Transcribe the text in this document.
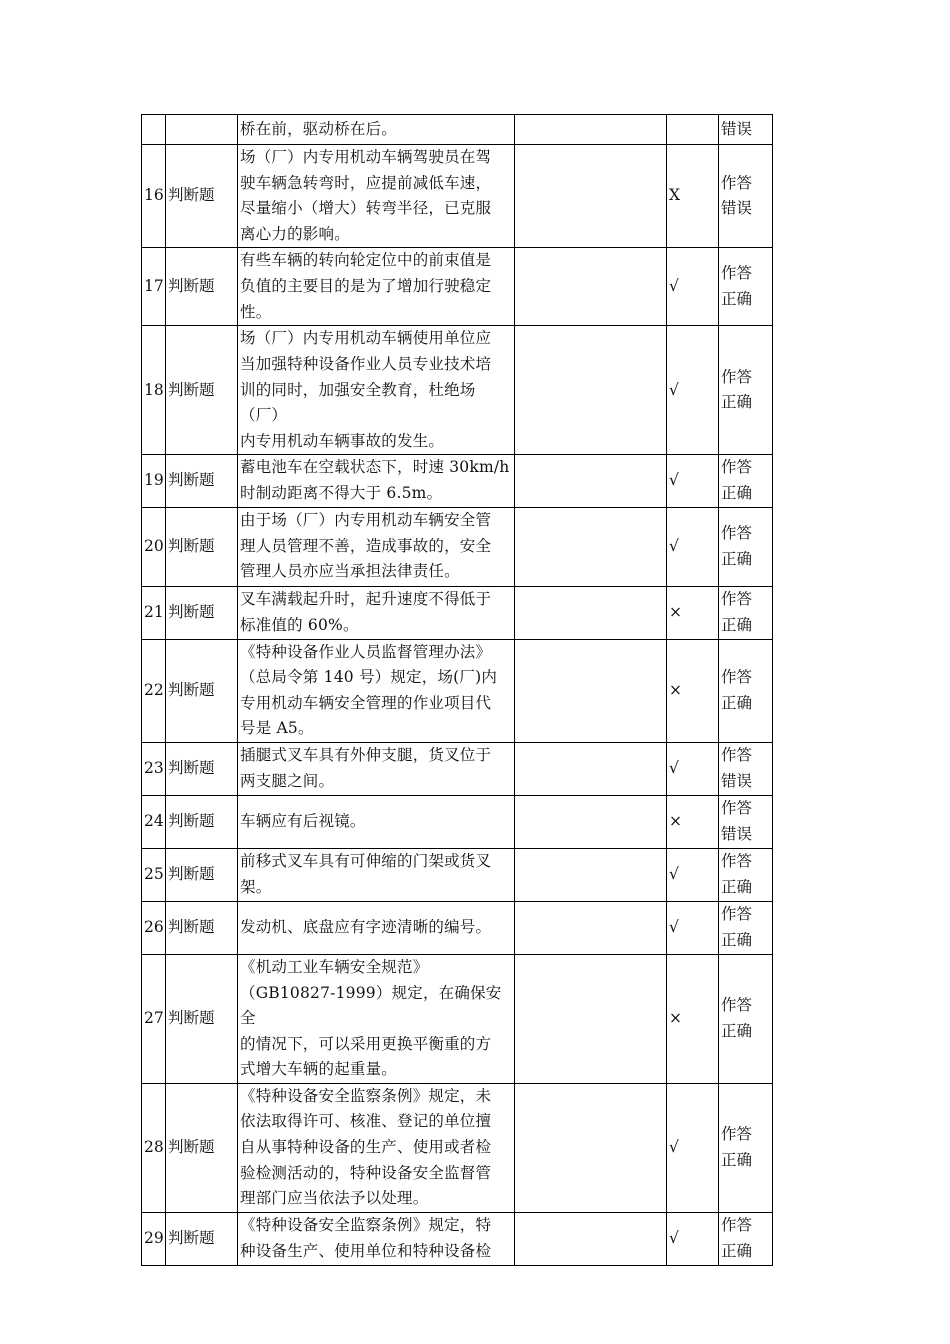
		桥在前，驱动桥在后。			错误
16	判断题	场（厂）内专用机动车辆驾驶员在驾
驶车辆急转弯时，应提前减低车速，
尽量缩小（增大）转弯半径，已克服
离心力的影响。		X	作答
错误
17	判断题	有些车辆的转向轮定位中的前束值是
负值的主要目的是为了增加行驶稳定
性。		√	作答
正确
18	判断题	场（厂）内专用机动车辆使用单位应
当加强特种设备作业人员专业技术培
训的同时，加强安全教育，杜绝场（厂）
内专用机动车辆事故的发生。		√	作答
正确
19	判断题	蓄电池车在空载状态下，时速 30km/h
时制动距离不得大于 6.5m。		√	作答
正确
20	判断题	由于场（厂）内专用机动车辆安全管
理人员管理不善，造成事故的，安全
管理人员亦应当承担法律责任。		√	作答
正确
21	判断题	叉车满载起升时，起升速度不得低于
标准值的 60%。		×	作答
正确
22	判断题	《特种设备作业人员监督管理办法》
（总局令第 140 号）规定，场(厂)内
专用机动车辆安全管理的作业项目代
号是 A5。		×	作答
正确
23	判断题	插腿式叉车具有外伸支腿，货叉位于
两支腿之间。		√	作答
错误
24	判断题	车辆应有后视镜。		×	作答
错误
25	判断题	前移式叉车具有可伸缩的门架或货叉
架。		√	作答
正确
26	判断题	发动机、底盘应有字迹清晰的编号。		√	作答
正确
27	判断题	《机动工业车辆安全规范》
（GB10827-1999）规定，在确保安全
的情况下，可以采用更换平衡重的方
式增大车辆的起重量。		×	作答
正确
28	判断题	《特种设备安全监察条例》规定，未
依法取得许可、核准、登记的单位擅
自从事特种设备的生产、使用或者检
验检测活动的，特种设备安全监督管
理部门应当依法予以处理。		√	作答
正确
29	判断题	《特种设备安全监察条例》规定，特
种设备生产、使用单位和特种设备检		√	作答
正确
